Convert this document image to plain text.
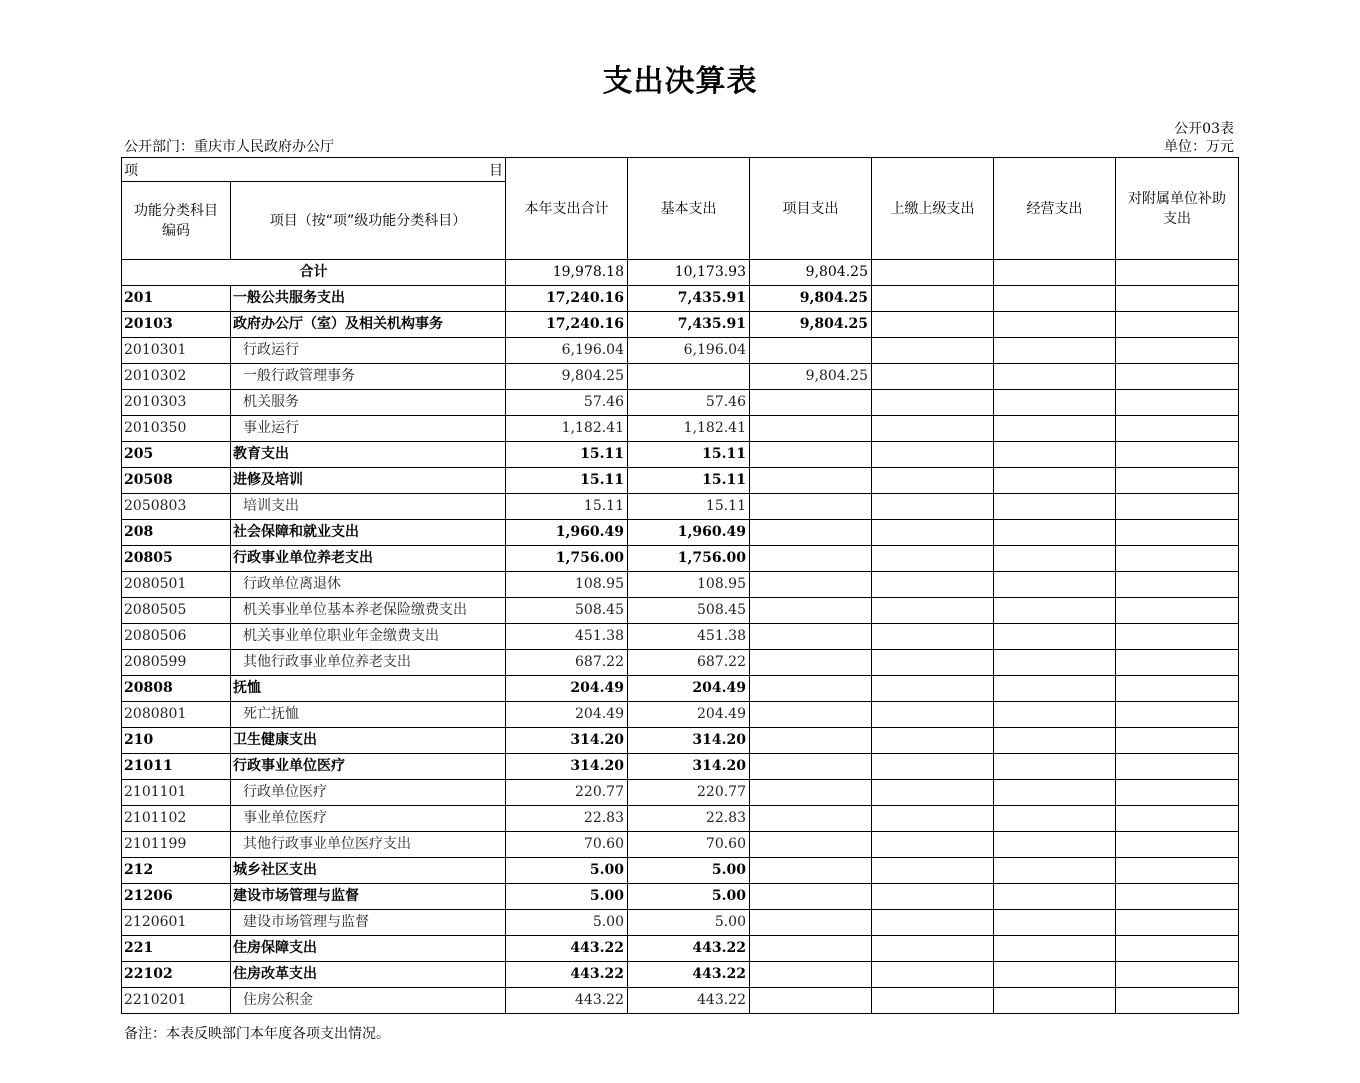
支出决算表
公开03表
公开部门：重庆市人民政府办公厅	单位：万元
项 目		本年支出合计	基本支出	项目支出	上缴上级支出	经营支出	对附属单位补助支出
功能分类科目编码	项目（按“项”级功能分类科目）						
合计		19,978.18	10,173.93	9,804.25			
201	一般公共服务支出	17,240.16	7,435.91	9,804.25			
20103	政府办公厅（室）及相关机构事务	17,240.16	7,435.91	9,804.25			
2010301	行政运行	6,196.04	6,196.04				
2010302	一般行政管理事务	9,804.25		9,804.25			
2010303	机关服务	57.46	57.46				
2010350	事业运行	1,182.41	1,182.41				
205	教育支出	15.11	15.11				
20508	进修及培训	15.11	15.11				
2050803	培训支出	15.11	15.11				
208	社会保障和就业支出	1,960.49	1,960.49				
20805	行政事业单位养老支出	1,756.00	1,756.00				
2080501	行政单位离退休	108.95	108.95				
2080505	机关事业单位基本养老保险缴费支出	508.45	508.45				
2080506	机关事业单位职业年金缴费支出	451.38	451.38				
2080599	其他行政事业单位养老支出	687.22	687.22				
20808	抚恤	204.49	204.49				
2080801	死亡抚恤	204.49	204.49				
210	卫生健康支出	314.20	314.20				
21011	行政事业单位医疗	314.20	314.20				
2101101	行政单位医疗	220.77	220.77				
2101102	事业单位医疗	22.83	22.83				
2101199	其他行政事业单位医疗支出	70.60	70.60				
212	城乡社区支出	5.00	5.00				
21206	建设市场管理与监督	5.00	5.00				
2120601	建设市场管理与监督	5.00	5.00				
221	住房保障支出	443.22	443.22				
22102	住房改革支出	443.22	443.22				
2210201	住房公积金	443.22	443.22				
备注：本表反映部门本年度各项支出情况。
